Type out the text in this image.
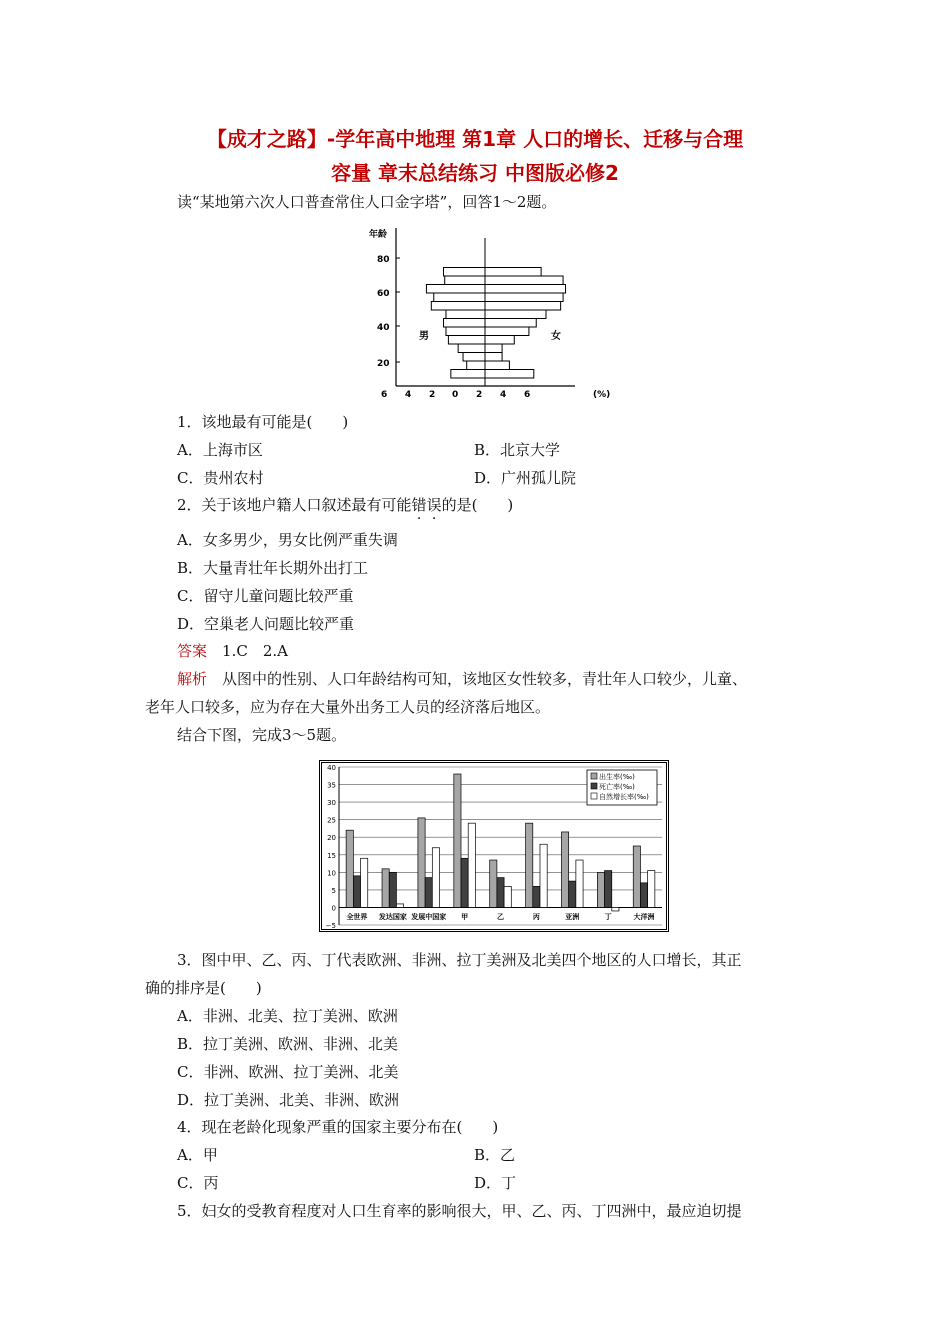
【成才之路】-学年高中地理 第1章 人口的增长、迁移与合理
容量 章末总结练习 中图版必修2
读“某地第六次人口普查常住人口金字塔”，回答1～2题。
年龄
20
40
60
80
6 4 2 0 2 4 6	(%)
男	女
1．该地最有可能是(　　)
A．上海市区	B．北京大学
C．贵州农村	D．广州孤儿院
2．关于该地户籍人口叙述最有可能错误的是(　　)
A．女多男少，男女比例严重失调
B．大量青壮年长期外出打工
C．留守儿童问题比较严重
D．空巢老人问题比较严重
答案　 1.C　2.A
解析　 从图中的性别、人口年龄结构可知，该地区女性较多，青壮年人口较少，儿童、
老年人口较多，应为存在大量外出务工人员的经济落后地区。
结合下图，完成3～5题。
40
35
30
25
20
15
10
5
0
−5
全世界 发达国家 发展中国家 甲	乙	丙	亚洲	丁	大洋洲
出生率(‰)
死亡率(‰)
自然增长率(‰)
3．图中甲、乙、丙、丁代表欧洲、非洲、拉丁美洲及北美四个地区的人口增长，其正
确的排序是(　　)
A．非洲、北美、拉丁美洲、欧洲
B．拉丁美洲、欧洲、非洲、北美
C．非洲、欧洲、拉丁美洲、北美
D．拉丁美洲、北美、非洲、欧洲
4．现在老龄化现象严重的国家主要分布在(　　)
A．甲	B．乙
C．丙	D．丁
5．妇女的受教育程度对人口生育率的影响很大，甲、乙、丙、丁四洲中，最应迫切提
